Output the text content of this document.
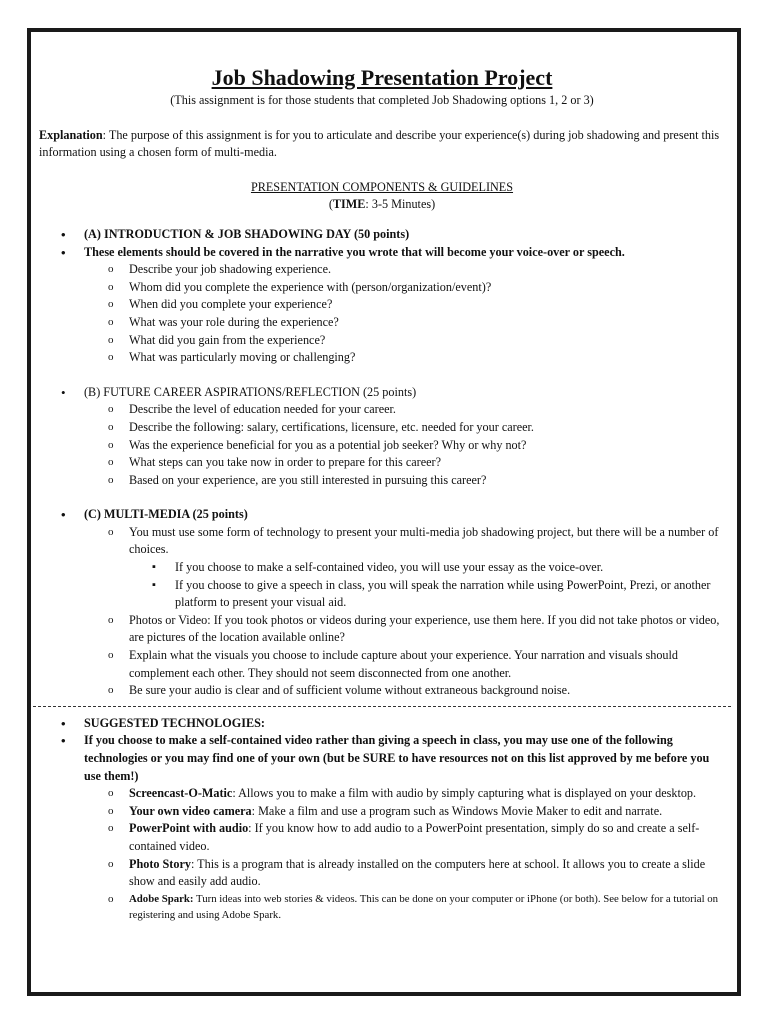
Job Shadowing Presentation Project

(This assignment is for those students that completed Job Shadowing options 1, 2 or 3)

Explanation: The purpose of this assignment is for you to articulate and describe your experience(s) during job shadowing and present this information using a chosen form of multi-media.

PRESENTATION COMPONENTS & GUIDELINES

(TIME: 3-5 Minutes)

• (A) INTRODUCTION & JOB SHADOWING DAY (50 points)
• These elements should be covered in the narrative you wrote that will become your voice-over or speech.
o Describe your job shadowing experience.
o Whom did you complete the experience with (person/organization/event)?
o When did you complete your experience?
o What was your role during the experience?
o What did you gain from the experience?
o What was particularly moving or challenging?
• (B) FUTURE CAREER ASPIRATIONS/REFLECTION (25 points)
o Describe the level of education needed for your career.
o Describe the following: salary, certifications, licensure, etc. needed for your career.
o Was the experience beneficial for you as a potential job seeker? Why or why not?
o What steps can you take now in order to prepare for this career?
o Based on your experience, are you still interested in pursuing this career?
• (C) MULTI-MEDIA (25 points)
o You must use some form of technology to present your multi-media job shadowing project, but there will be a number of choices.
▪ If you choose to make a self-contained video, you will use your essay as the voice-over.
▪ If you choose to give a speech in class, you will speak the narration while using PowerPoint, Prezi, or another platform to present your visual aid.
o Photos or Video: If you took photos or videos during your experience, use them here. If you did not take photos or video, are pictures of the location available online?
o Explain what the visuals you choose to include capture about your experience. Your narration and visuals should complement each other. They should not seem disconnected from one another.
o Be sure your audio is clear and of sufficient volume without extraneous background noise.
• SUGGESTED TECHNOLOGIES:
• If you choose to make a self-contained video rather than giving a speech in class, you may use one of the following technologies or you may find one of your own (but be SURE to have resources not on this list approved by me before you use them!)
o Screencast-O-Matic: Allows you to make a film with audio by simply capturing what is displayed on your desktop.
o Your own video camera: Make a film and use a program such as Windows Movie Maker to edit and narrate.
o PowerPoint with audio: If you know how to add audio to a PowerPoint presentation, simply do so and create a self-contained video.
o Photo Story: This is a program that is already installed on the computers here at school. It allows you to create a slide show and easily add audio.
o Adobe Spark: Turn ideas into web stories & videos. This can be done on your computer or iPhone (or both). See below for a tutorial on registering and using Adobe Spark.
